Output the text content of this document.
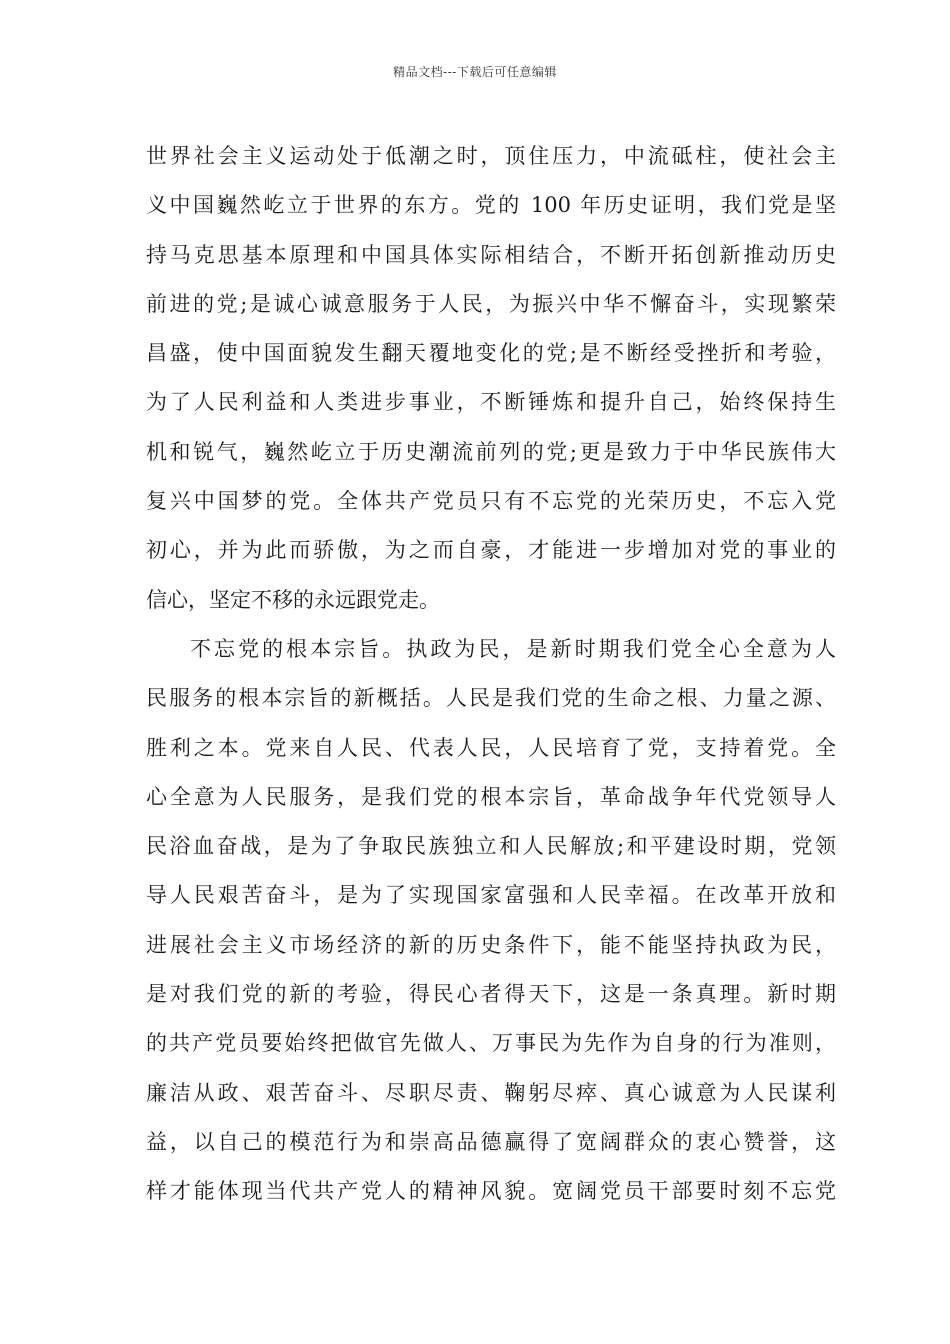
精品文档---下载后可任意编辑
世界社会主义运动处于低潮之时，顶住压力，中流砥柱，使社会主
义中国巍然屹立于世界的东方。党的 100 年历史证明，我们党是坚
持马克思基本原理和中国具体实际相结合，不断开拓创新推动历史
前进的党;是诚心诚意服务于人民，为振兴中华不懈奋斗，实现繁荣
昌盛，使中国面貌发生翻天覆地变化的党;是不断经受挫折和考验，
为了人民利益和人类进步事业，不断锤炼和提升自己，始终保持生
机和锐气，巍然屹立于历史潮流前列的党;更是致力于中华民族伟大
复兴中国梦的党。全体共产党员只有不忘党的光荣历史，不忘入党
初心，并为此而骄傲，为之而自豪，才能进一步增加对党的事业的
信心，坚定不移的永远跟党走。
不忘党的根本宗旨。执政为民，是新时期我们党全心全意为人
民服务的根本宗旨的新概括。人民是我们党的生命之根、力量之源、
胜利之本。党来自人民、代表人民，人民培育了党，支持着党。全
心全意为人民服务，是我们党的根本宗旨，革命战争年代党领导人
民浴血奋战，是为了争取民族独立和人民解放;和平建设时期，党领
导人民艰苦奋斗，是为了实现国家富强和人民幸福。在改革开放和
进展社会主义市场经济的新的历史条件下，能不能坚持执政为民，
是对我们党的新的考验，得民心者得天下，这是一条真理。新时期
的共产党员要始终把做官先做人、万事民为先作为自身的行为准则，
廉洁从政、艰苦奋斗、尽职尽责、鞠躬尽瘁、真心诚意为人民谋利
益，以自己的模范行为和崇高品德赢得了宽阔群众的衷心赞誉，这
样才能体现当代共产党人的精神风貌。宽阔党员干部要时刻不忘党
